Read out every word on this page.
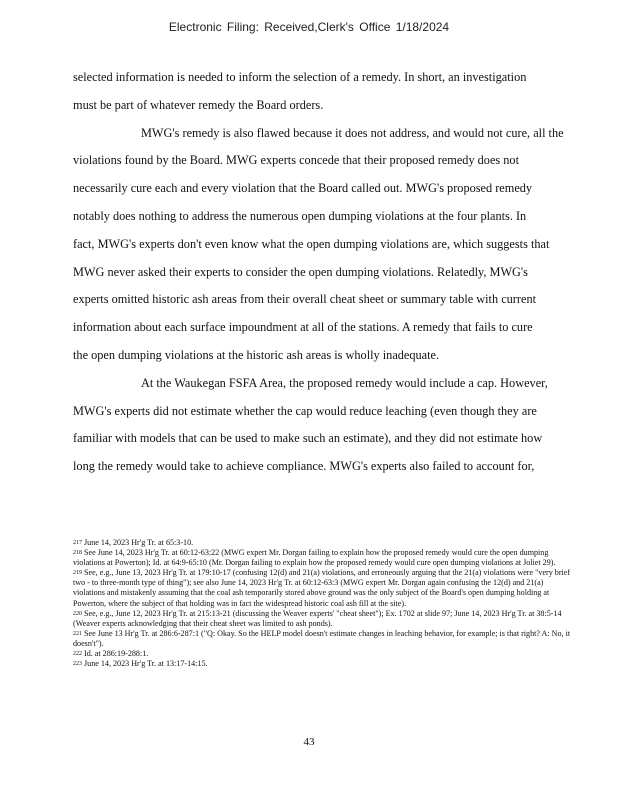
Electronic Filing: Received,Clerk's Office 1/18/2024
selected information is needed to inform the selection of a remedy. In short, an investigation
must be part of whatever remedy the Board orders.
MWG's remedy is also flawed because it does not address, and would not cure, all the
violations found by the Board. MWG experts concede that their proposed remedy does not
necessarily cure each and every violation that the Board called out. MWG's proposed remedy
notably does nothing to address the numerous open dumping violations at the four plants. In
fact, MWG's experts don't even know what the open dumping violations are, which suggests that
MWG never asked their experts to consider the open dumping violations. Relatedly, MWG's
experts omitted historic ash areas from their overall cheat sheet or summary table with current
information about each surface impoundment at all of the stations. A remedy that fails to cure
the open dumping violations at the historic ash areas is wholly inadequate.
At the Waukegan FSFA Area, the proposed remedy would include a cap. However,
MWG's experts did not estimate whether the cap would reduce leaching (even though they are
familiar with models that can be used to make such an estimate), and they did not estimate how
long the remedy would take to achieve compliance. MWG's experts also failed to account for,

$^{217}$ June 14, 2023 Hr'g Tr. at 65:3-10.

$^{218}$ See June 14, 2023 Hr'g Tr. at 60:12-63:22 (MWG expert Mr. Dorgan failing to explain how the proposed remedy would cure the open dumping violations at Powerton); Id. at 64:9-65:10 (Mr. Dorgan failing to explain how the proposed remedy would cure open dumping violations at Joliet 29).

$^{219}$ See, e.g., June 13, 2023 Hr'g Tr. at 179:10-17 (confusing 12(d) and 21(a) violations, and erroneously arguing that the 21(a) violations were "very brief two - to three-month type of thing"); see also June 14, 2023 Hr'g Tr. at 60:12-63:3 (MWG expert Mr. Dorgan again confusing the 12(d) and 21(a) violations and mistakenly assuming that the coal ash temporarily stored above ground was the only subject of the Board's open dumping holding at Powerton, where the subject of that holding was in fact the widespread historic coal ash fill at the site).

$^{220}$ See, e.g., June 12, 2023 Hr'g Tr. at 215:13-21 (discussing the Weaver experts' "cheat sheet"); Ex. 1702 at slide 97; June 14, 2023 Hr'g Tr. at 38:5-14 (Weaver experts acknowledging that their cheat sheet was limited to ash ponds).

$^{221}$ See June 13 Hr'g Tr. at 286:6-287:1 ("Q: Okay. So the HELP model doesn't estimate changes in leaching behavior, for example; is that right? A: No, it doesn't").

$^{222}$ Id. at 286:19-288:1.

$^{223}$ June 14, 2023 Hr'g Tr. at 13:17-14:15.

43
